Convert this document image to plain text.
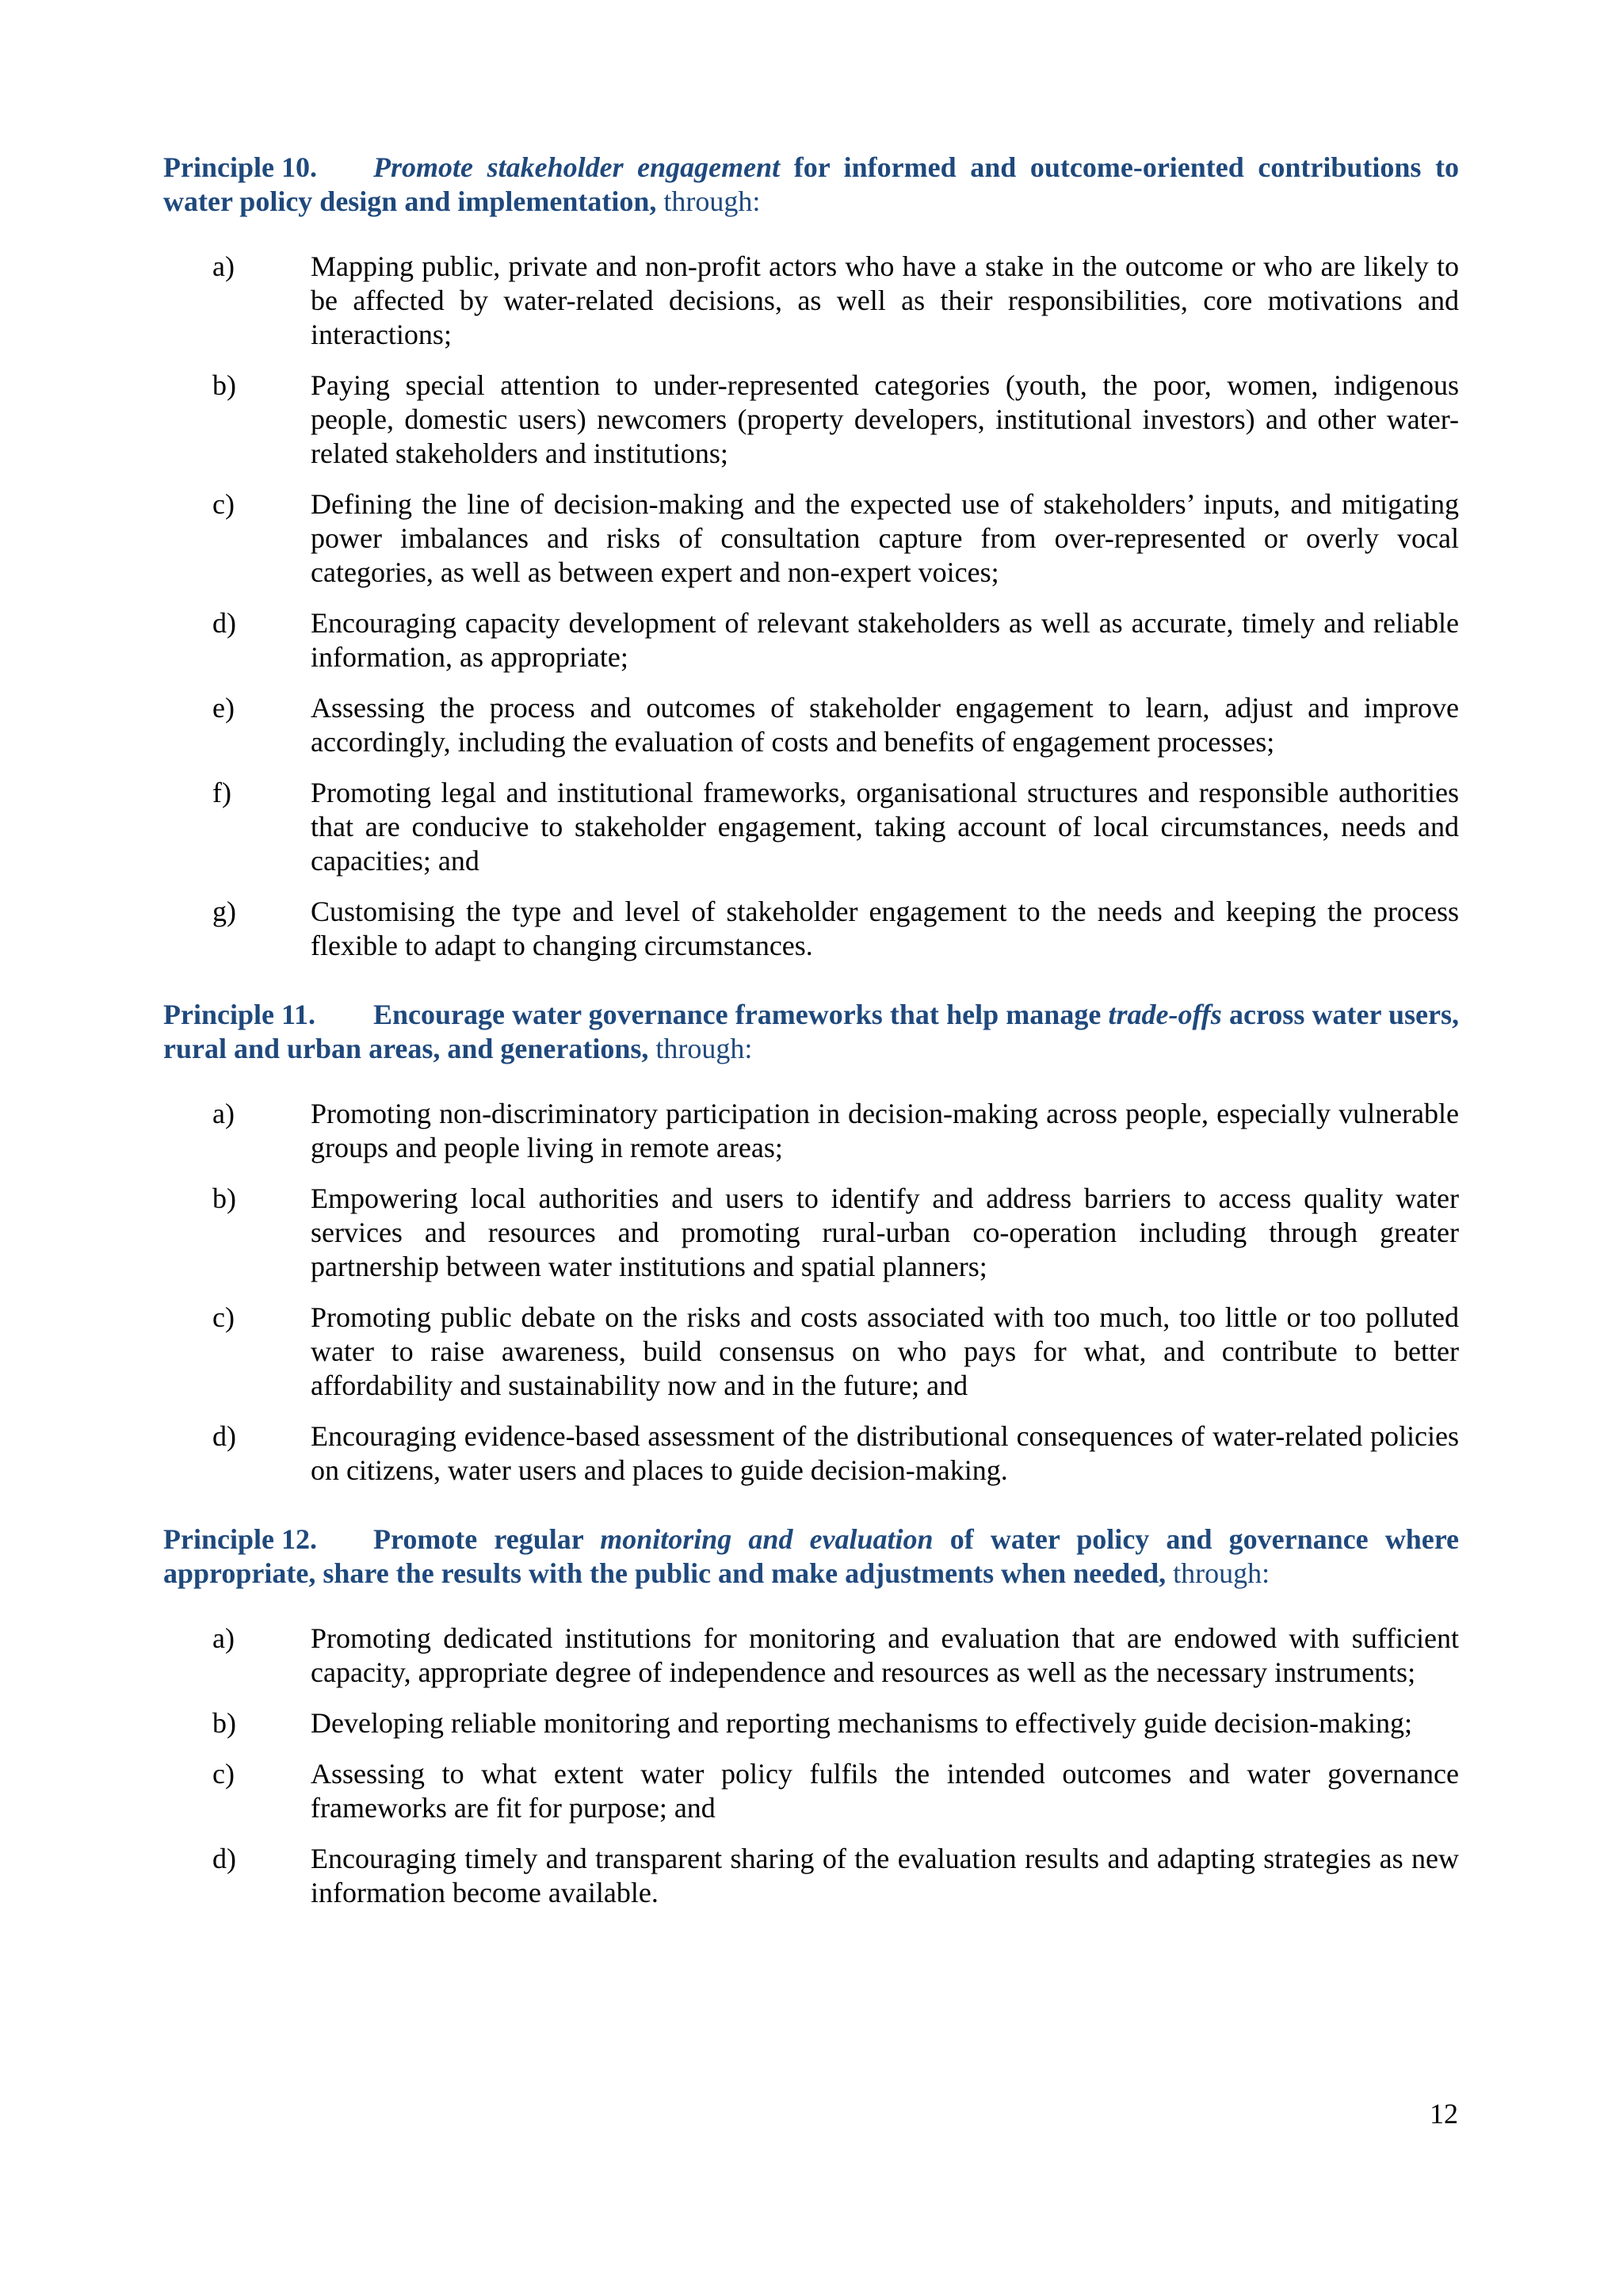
Principle 10. Promote stakeholder engagement for informed and outcome-oriented contributions to water policy design and implementation, through:

a)	Mapping public, private and non-profit actors who have a stake in the outcome or who are likely to be affected by water-related decisions, as well as their responsibilities, core motivations and interactions;
b)	Paying special attention to under-represented categories (youth, the poor, women, indigenous people, domestic users) newcomers (property developers, institutional investors) and other water-related stakeholders and institutions;
c)	Defining the line of decision-making and the expected use of stakeholders’ inputs, and mitigating power imbalances and risks of consultation capture from over-represented or overly vocal categories, as well as between expert and non-expert voices;
d)	Encouraging capacity development of relevant stakeholders as well as accurate, timely and reliable information, as appropriate;
e)	Assessing the process and outcomes of stakeholder engagement to learn, adjust and improve accordingly, including the evaluation of costs and benefits of engagement processes;
f)	Promoting legal and institutional frameworks, organisational structures and responsible authorities that are conducive to stakeholder engagement, taking account of local circumstances, needs and capacities; and
g)	Customising the type and level of stakeholder engagement to the needs and keeping the process flexible to adapt to changing circumstances.

Principle 11. Encourage water governance frameworks that help manage trade-offs across water users, rural and urban areas, and generations, through:

a)	Promoting non-discriminatory participation in decision-making across people, especially vulnerable groups and people living in remote areas;
b)	Empowering local authorities and users to identify and address barriers to access quality water services and resources and promoting rural-urban co-operation including through greater partnership between water institutions and spatial planners;
c)	Promoting public debate on the risks and costs associated with too much, too little or too polluted water to raise awareness, build consensus on who pays for what, and contribute to better affordability and sustainability now and in the future; and
d)	Encouraging evidence-based assessment of the distributional consequences of water-related policies on citizens, water users and places to guide decision-making.

Principle 12. Promote regular monitoring and evaluation of water policy and governance where appropriate, share the results with the public and make adjustments when needed, through:

a)	Promoting dedicated institutions for monitoring and evaluation that are endowed with sufficient capacity, appropriate degree of independence and resources as well as the necessary instruments;
b)	Developing reliable monitoring and reporting mechanisms to effectively guide decision-making;
c)	Assessing to what extent water policy fulfils the intended outcomes and water governance frameworks are fit for purpose; and
d)	Encouraging timely and transparent sharing of the evaluation results and adapting strategies as new information become available.
12
